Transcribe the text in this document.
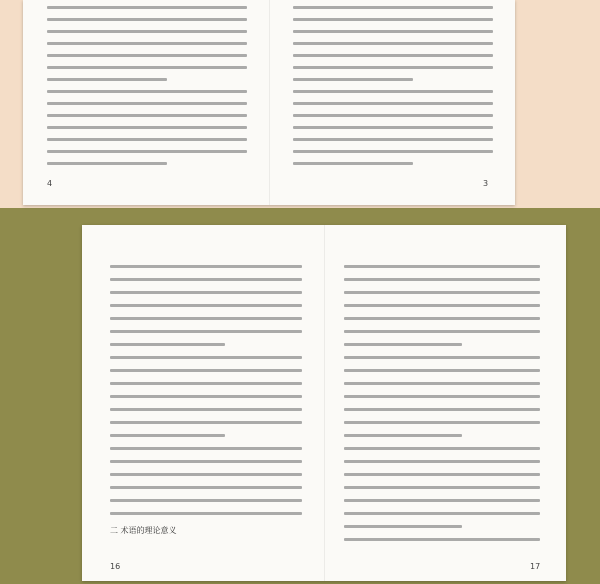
4	3
二 术语的理论意义
16	17
